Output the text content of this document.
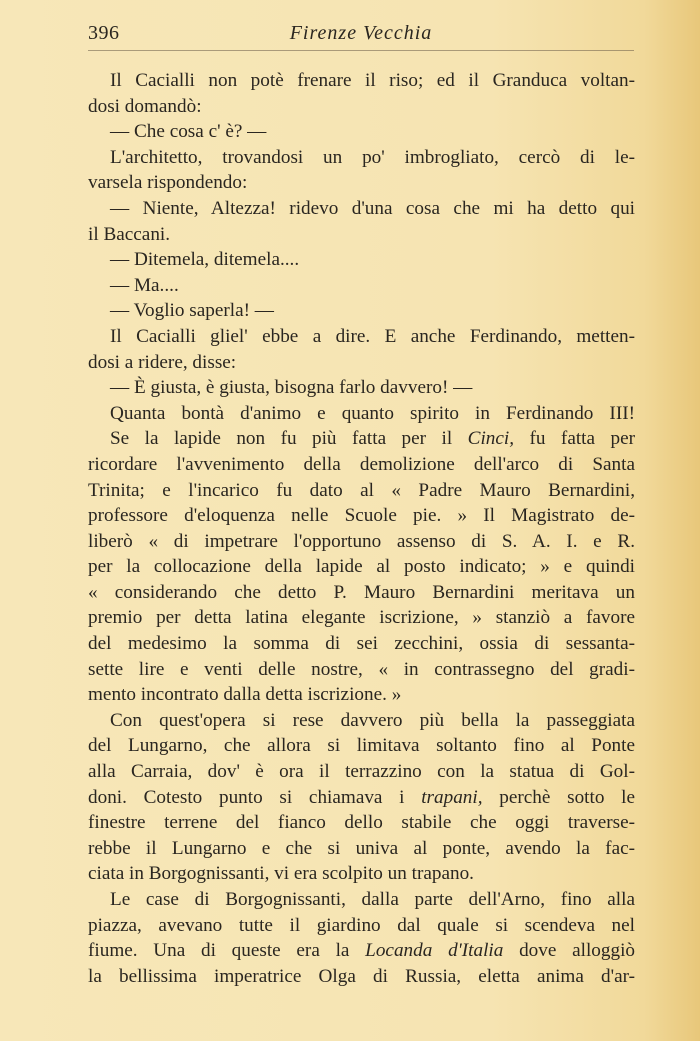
396	Firenze Vecchia
Il Cacialli non potè frenare il riso; ed il Granduca voltan-
dosi domandò:
— Che cosa c' è? —
L'architetto, trovandosi un po' imbrogliato, cercò di le-
varsela rispondendo:
— Niente, Altezza! ridevo d'una cosa che mi ha detto qui
il Baccani.
— Ditemela, ditemela....
— Ma....
— Voglio saperla! —
Il Cacialli gliel' ebbe a dire. E anche Ferdinando, metten-
dosi a ridere, disse:
— È giusta, è giusta, bisogna farlo davvero! —
Quanta bontà d'animo e quanto spirito in Ferdinando III!
Se la lapide non fu più fatta per il Cinci, fu fatta per
ricordare l'avvenimento della demolizione dell'arco di Santa
Trinita; e l'incarico fu dato al « Padre Mauro Bernardini,
professore d'eloquenza nelle Scuole pie. » Il Magistrato de-
liberò « di impetrare l'opportuno assenso di S. A. I. e R.
per la collocazione della lapide al posto indicato; » e quindi
« considerando che detto P. Mauro Bernardini meritava un
premio per detta latina elegante iscrizione, » stanziò a favore
del medesimo la somma di sei zecchini, ossia di sessanta-
sette lire e venti delle nostre, « in contrassegno del gradi-
mento incontrato dalla detta iscrizione. »
Con quest'opera si rese davvero più bella la passeggiata
del Lungarno, che allora si limitava soltanto fino al Ponte
alla Carraia, dov' è ora il terrazzino con la statua di Gol-
doni. Cotesto punto si chiamava i trapani, perchè sotto le
finestre terrene del fianco dello stabile che oggi traverse-
rebbe il Lungarno e che si univa al ponte, avendo la fac-
ciata in Borgognissanti, vi era scolpito un trapano.
Le case di Borgognissanti, dalla parte dell'Arno, fino alla
piazza, avevano tutte il giardino dal quale si scendeva nel
fiume. Una di queste era la Locanda d'Italia dove alloggiò
la bellissima imperatrice Olga di Russia, eletta anima d'ar-
